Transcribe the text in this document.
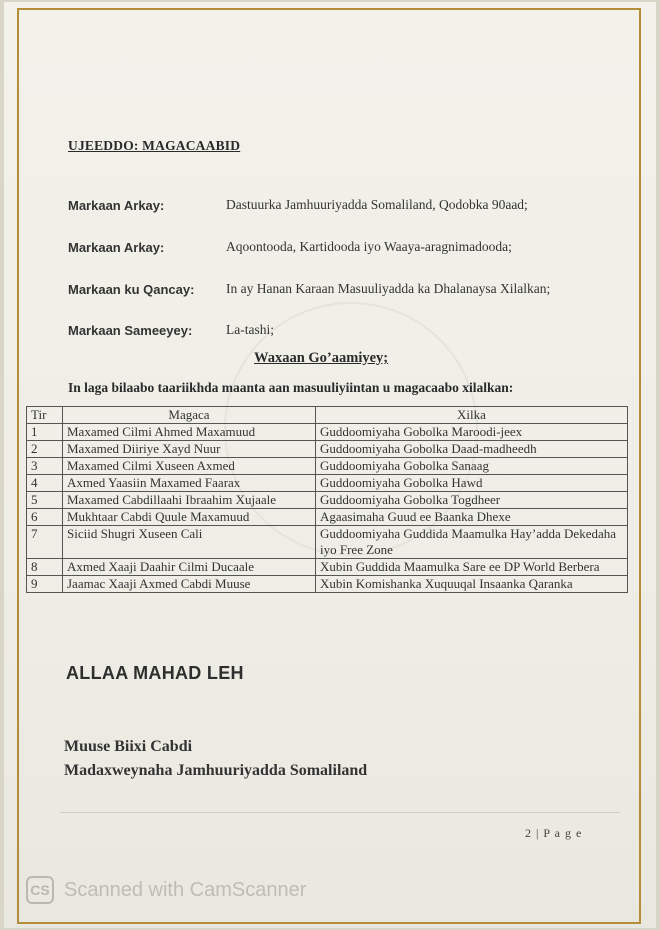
UJEEDDO: MAGACAABID
Markaan Arkay:	Dastuurka Jamhuuriyadda Somaliland, Qodobka 90aad;
Markaan Arkay:	Aqoontooda, Kartidooda iyo Waaya-aragnimadooda;
Markaan ku Qancay: In ay Hanan Karaan Masuuliyadda ka Dhalanaysa Xilalkan;
Markaan Sameeyey: La-tashi;
Waxaan Go’aamiyey;
In laga bilaabo taariikhda maanta aan masuuliyiintan u magacaabo xilalkan:
Tir	Magaca	Xilka
1	Maxamed Cilmi Ahmed Maxamuud	Guddoomiyaha Gobolka Maroodi-jeex
2	Maxamed Diiriye Xayd Nuur	Guddoomiyaha Gobolka Daad-madheedh
3	Maxamed Cilmi Xuseen Axmed	Guddoomiyaha Gobolka Sanaag
4	Axmed Yaasiin Maxamed Faarax	Guddoomiyaha Gobolka Hawd
5	Maxamed Cabdillaahi Ibraahim Xujaale	Guddoomiyaha Gobolka Togdheer
6	Mukhtaar Cabdi Quule Maxamuud	Agaasimaha Guud ee Baanka Dhexe
7	Siciid Shugri Xuseen Cali	Guddoomiyaha Guddida Maamulka Hay’adda Dekedaha iyo Free Zone
8	Axmed Xaaji Daahir Cilmi Ducaale	Xubin Guddida Maamulka Sare ee DP World Berbera
9	Jaamac Xaaji Axmed Cabdi Muuse	Xubin Komishanka Xuquuqal Insaanka Qaranka
ALLAA MAHAD LEH
Muuse Biixi Cabdi
Madaxweynaha Jamhuuriyadda Somaliland
2 | P a g e
CS Scanned with CamScanner
